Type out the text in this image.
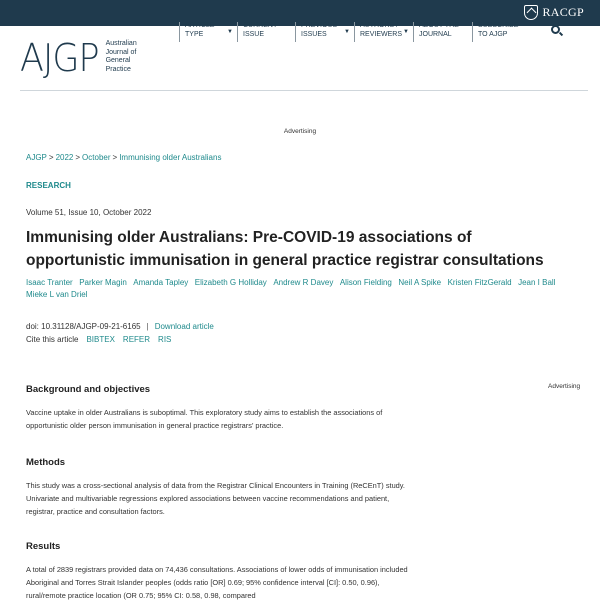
RACGP
AJGP Australian
Journal of
General
Practice
ARTICLE
TYPE	▼
CURRENT
ISSUE
PREVIOUS
ISSUES	▼
AUTHORS /
REVIEWERS ▼
ABOUT THE
JOURNAL
SUBSCRIBE
TO AJGP
Advertising
AJGP > 2022 > October > Immunising older Australians
RESEARCH
Volume 51, Issue 10, October 2022
Immunising older Australians: Pre-COVID-19 associations of opportunistic immunisation in general practice registrar consultations
Isaac Tranter Parker Magin Amanda Tapley Elizabeth G Holliday Andrew R Davey Alison Fielding Neil A Spike Kristen FitzGerald Jean I BallMieke L van Driel
doi: 10.31128/AJGP-09-21-6165 | Download article
Cite this article BIBTEX REFER RIS
Advertising
Background and objectives

Vaccine uptake in older Australians is suboptimal. This exploratory study aims to establish the associations of opportunistic older person immunisation in general practice registrars’ practice.

Methods

This study was a cross-sectional analysis of data from the Registrar Clinical Encounters in Training (ReCEnT) study. Univariate and multivariable regressions explored associations between vaccine recommendations and patient, registrar, practice and consultation factors.

Results

A total of 2839 registrars provided data on 74,436 consultations. Associations of lower odds of immunisation included Aboriginal and Torres Strait Islander peoples (odds ratio [OR] 0.69; 95% confidence interval [CI]: 0.50, 0.96), rural/remote practice location (OR 0.75; 95% CI: 0.58, 0.98, compared
